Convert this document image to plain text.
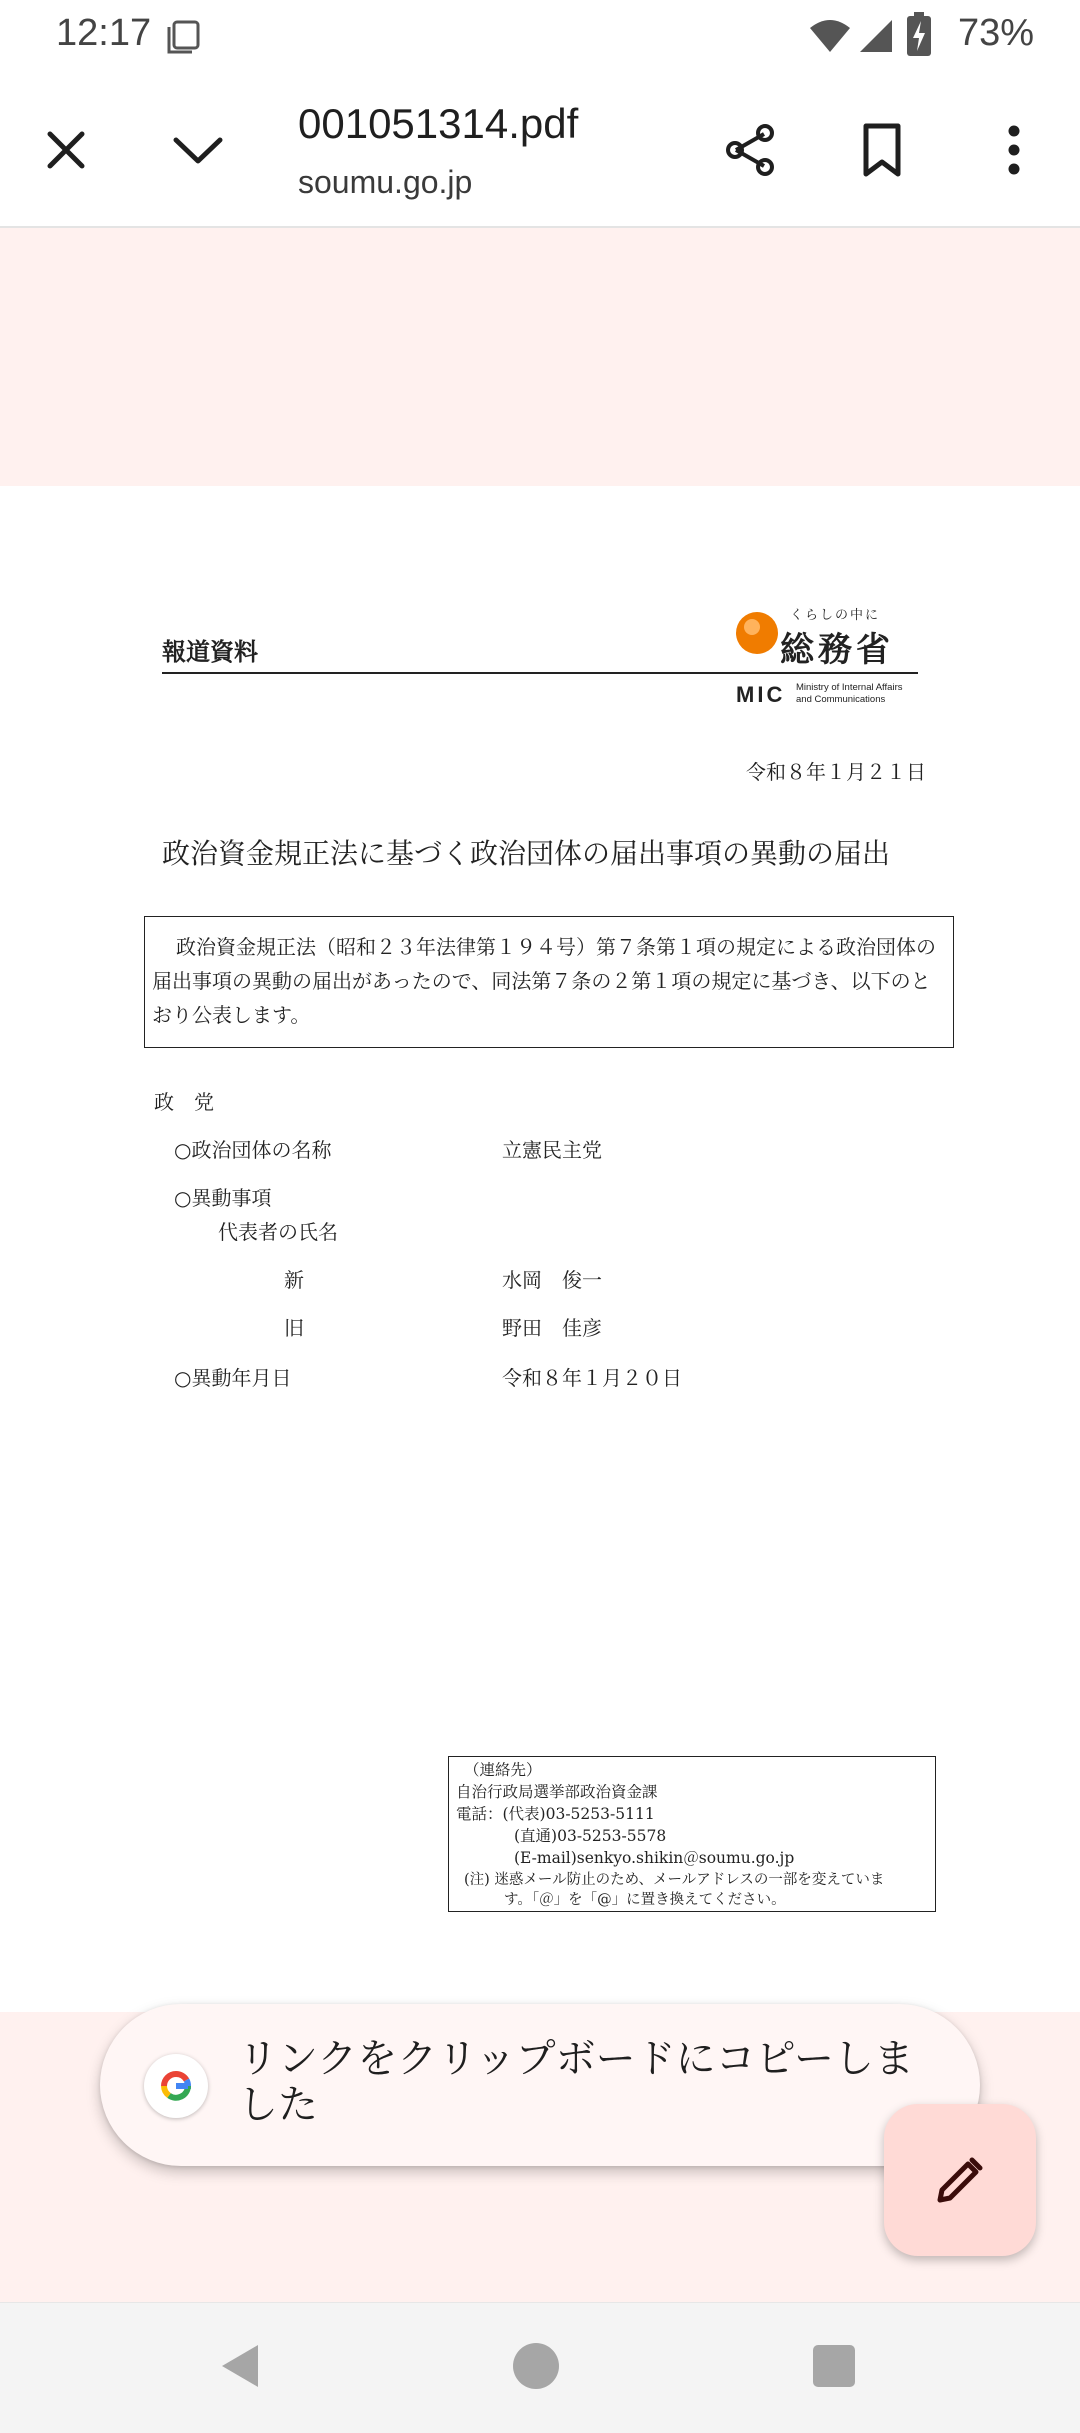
12:17	73%
001051314.pdf
soumu.go.jp
報道資料
くらしの中に
総務省
MIC Ministry of Internal Affairs
and Communications
令和８年１月２１日
政治資金規正法に基づく政治団体の届出事項の異動の届出
政治資金規正法（昭和２３年法律第１９４号）第７条第１項の規定による政治団体の届出事項の異動の届出があったので、同法第７条の２第１項の規定に基づき、以下のとおり公表します。
政　党
○政治団体の名称	立憲民主党
○異動事項
代表者の氏名
新	水岡　俊一
旧	野田　佳彦
○異動年月日	令和８年１月２０日
（連絡先）
自治行政局選挙部政治資金課
電話：(代表)03-5253-5111
(直通)03-5253-5578
(E-mail)senkyo.shikin＠soumu.go.jp
(注) 迷惑メール防止のため、メールアドレスの一部を変えていま
す。「＠」を「@」に置き換えてください。
リンクをクリップボードにコピーしました
